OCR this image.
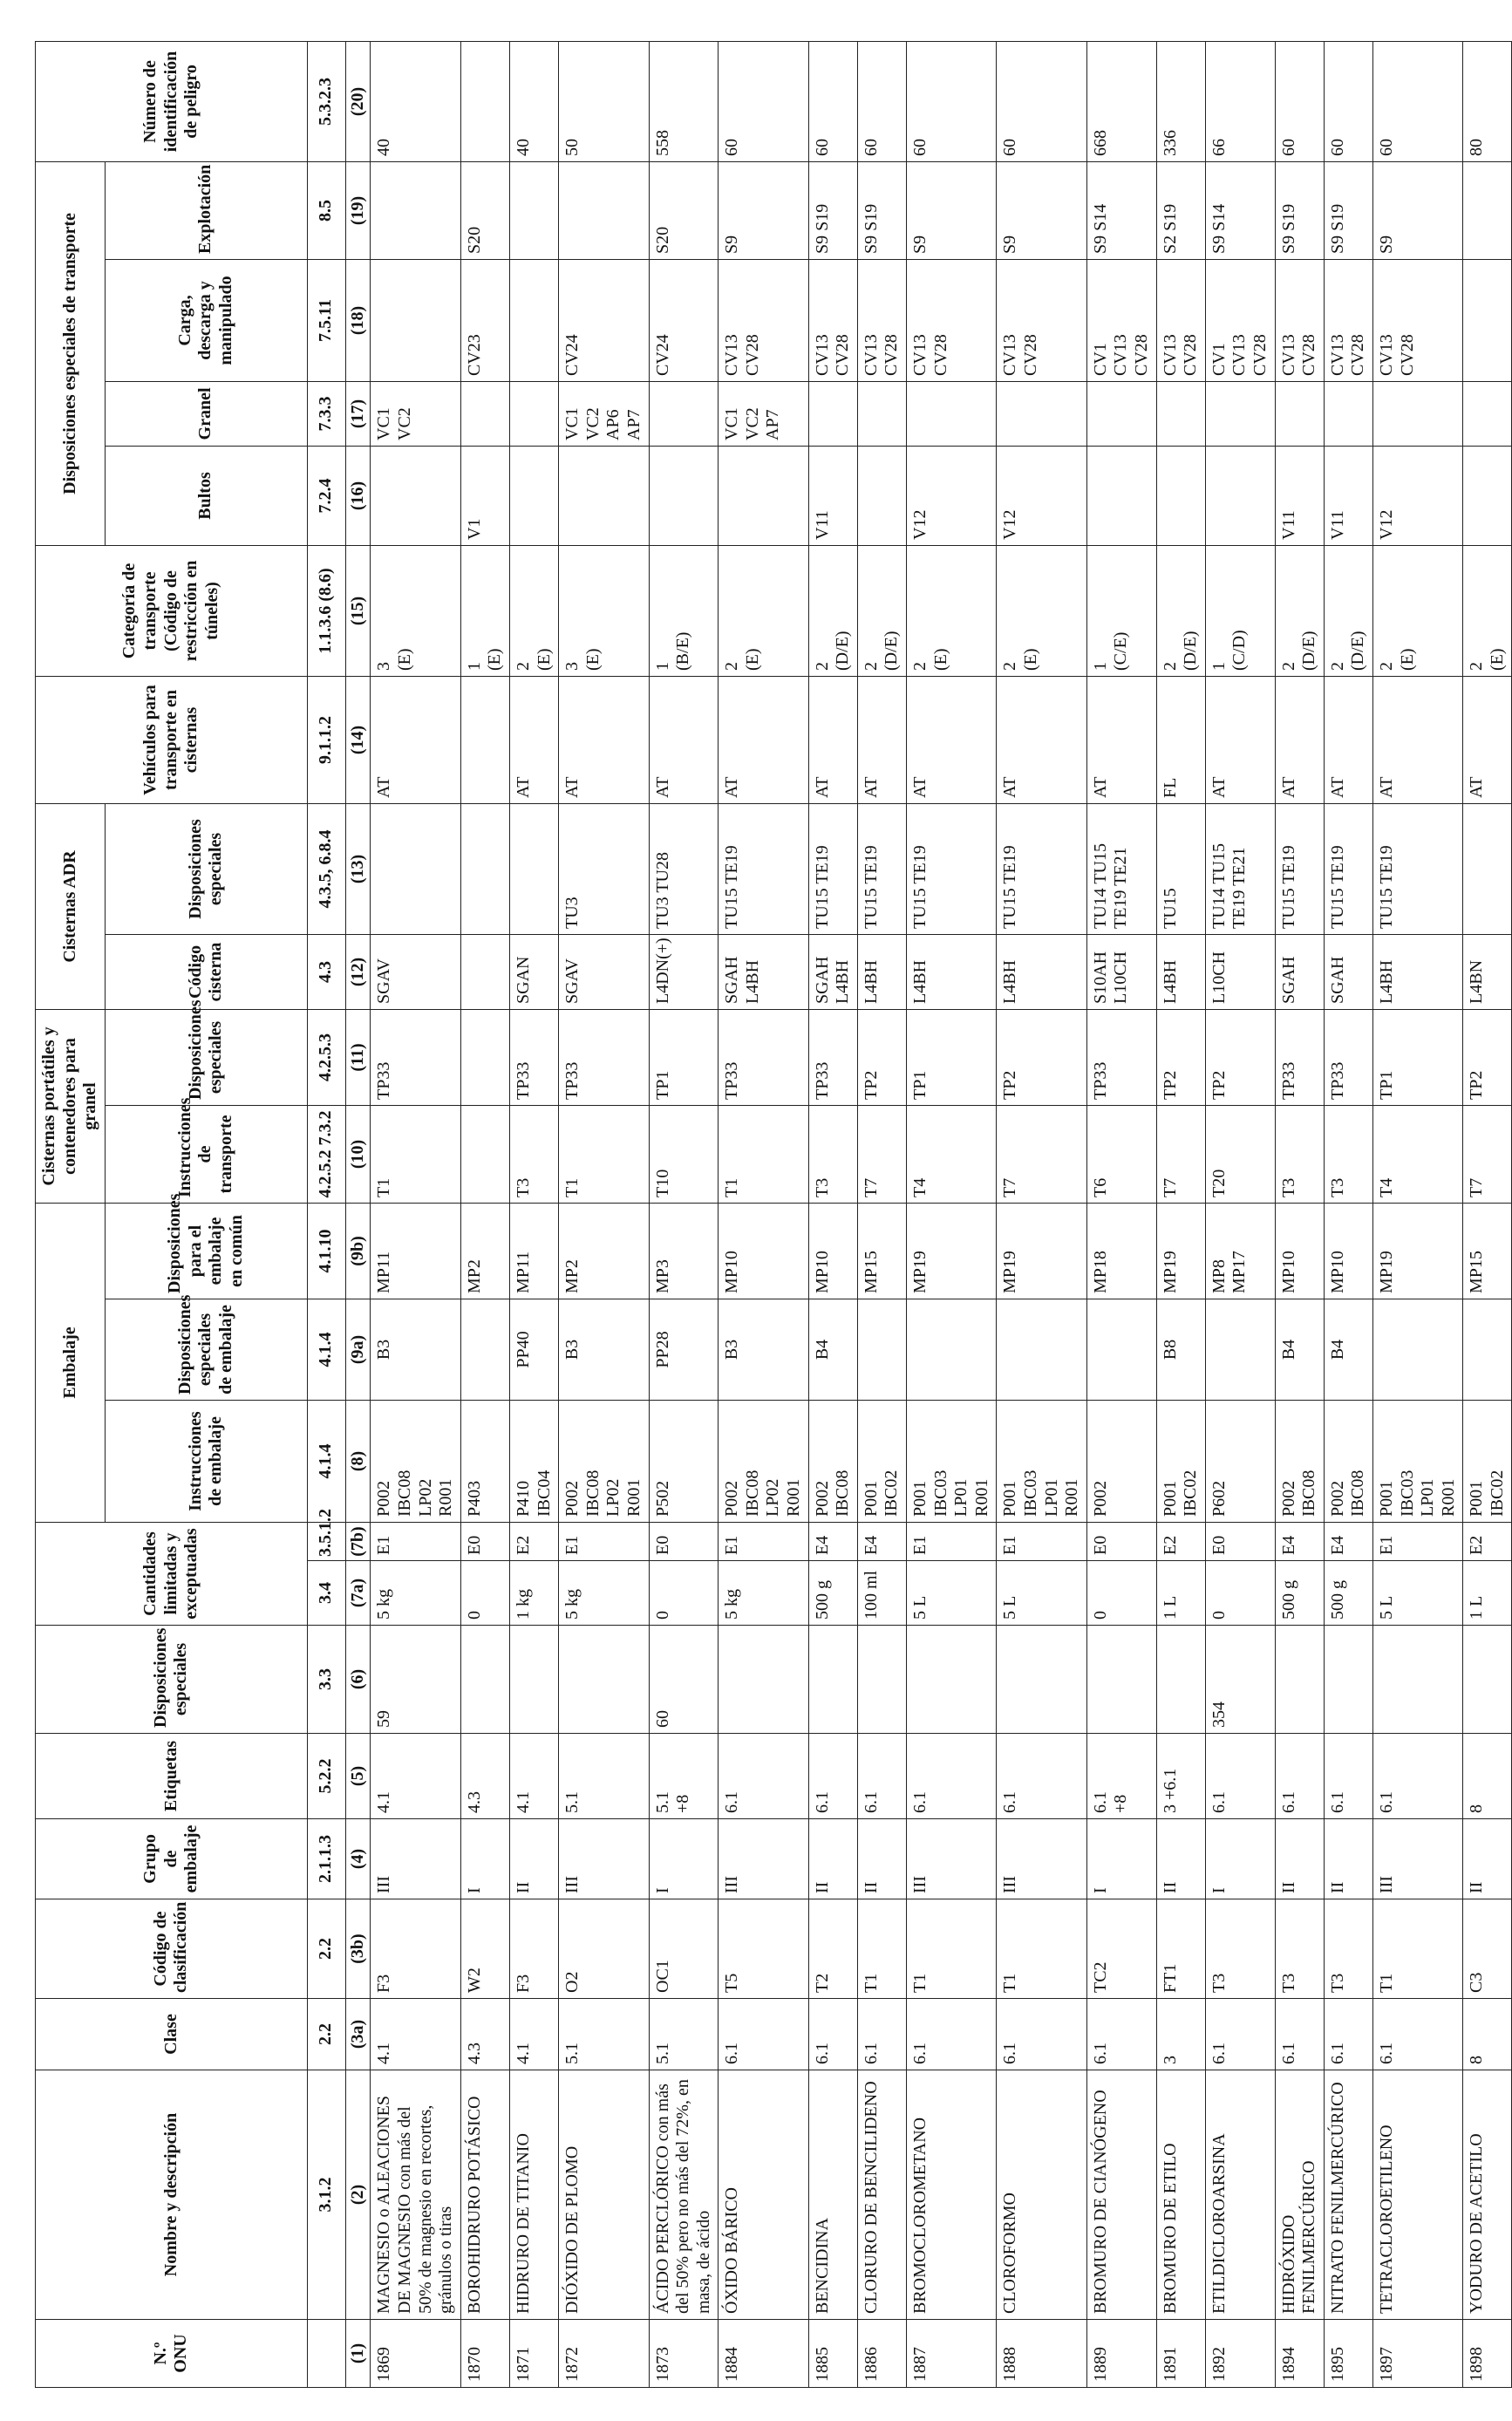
N.º ONU	Nombre y descripción	Clase	Código de clasificación	Grupo de embalaje	Etiquetas	Disposiciones especiales	Cantidades limitadas y exceptuadas		Embalaje			Cisternas portátiles y contenedores para granel		Cisternas ADR		Vehículos para transporte en cisternas	Categoría de transporte (Código de restricción en túneles)	Disposiciones especiales de transporte				Número de identificación de peligro
									Instrucciones de embalaje	Disposiciones especiales de embalaje	Disposiciones para el embalaje en común	Instrucciones de transporte	Disposiciones especiales	Código cisterna	Disposiciones especiales			Bultos	Granel	Carga, descarga y manipulado	Explotación	
	3.1.2	2.2	2.2	2.1.1.3	5.2.2	3.3	3.4	3.5.1.2	4.1.4	4.1.4	4.1.10	4.2.5.2 7.3.2	4.2.5.3	4.3	4.3.5, 6.8.4	9.1.1.2	1.1.3.6 (8.6)	7.2.4	7.3.3	7.5.11	8.5	5.3.2.3
(1)	(2)	(3a)	(3b)	(4)	(5)	(6)	(7a)	(7b)	(8)	(9a)	(9b)	(10)	(11)	(12)	(13)	(14)	(15)	(16)	(17)	(18)	(19)	(20)

1869	MAGNESIO o ALEACIONES DE MAGNESIO con más del 50% de magnesio en recortes, gránulos o tiras	4.1	F3	III	4.1	59	5 kg	E1	P002 IBC08 LP02 R001	B3	MP11	T1	TP33	SGAV		AT	3 (E)		VC1 VC2			40

1870	BOROHIDRURO POTÁSICO	4.3	W2	I	4.3		0	E0	P403		MP2						1 (E)	V1		CV23	S20	

1871	HIDRURO DE TITANIO	4.1	F3	II	4.1		1 kg	E2	P410 IBC04	PP40	MP11	T3	TP33	SGAN		AT	2 (E)					40

1872	DIÓXIDO DE PLOMO	5.1	O2	III	5.1		5 kg	E1	P002 IBC08 LP02 R001	B3	MP2	T1	TP33	SGAV	TU3	AT	3 (E)		VC1 VC2 AP6 AP7	CV24		50

1873	ÁCIDO PERCLÓRICO con más del 50% pero no más del 72%, en masa, de ácido	5.1	OC1	I	5.1 +8	60	0	E0	P502	PP28	MP3	T10	TP1	L4DN(+)	TU3 TU28	AT	1 (B/E)			CV24	S20	558

1884	ÓXIDO BÁRICO	6.1	T5	III	6.1		5 kg	E1	P002 IBC08 LP02 R001	B3	MP10	T1	TP33	SGAH L4BH	TU15 TE19	AT	2 (E)		VC1 VC2 AP7	CV13 CV28	S9	60

1885	BENCIDINA	6.1	T2	II	6.1		500 g	E4	P002 IBC08	B4	MP10	T3	TP33	SGAH L4BH	TU15 TE19	AT	2 (D/E)	V11		CV13 CV28	S9 S19	60

1886	CLORURO DE BENCILIDENO	6.1	T1	II	6.1		100 ml	E4	P001 IBC02		MP15	T7	TP2	L4BH	TU15 TE19	AT	2 (D/E)			CV13 CV28	S9 S19	60

1887	BROMOCLOROMETANO	6.1	T1	III	6.1		5 L	E1	P001 IBC03 LP01 R001		MP19	T4	TP1	L4BH	TU15 TE19	AT	2 (E)	V12		CV13 CV28	S9	60

1888	CLOROFORMO	6.1	T1	III	6.1		5 L	E1	P001 IBC03 LP01 R001		MP19	T7	TP2	L4BH	TU15 TE19	AT	2 (E)	V12		CV13 CV28	S9	60

1889	BROMURO DE CIANÓGENO	6.1	TC2	I	6.1 +8		0	E0	P002		MP18	T6	TP33	S10AH L10CH	TU14 TU15 TE19 TE21	AT	1 (C/E)			CV1 CV13 CV28	S9 S14	668

1891	BROMURO DE ETILO	3	FT1	II	3 +6.1		1 L	E2	P001 IBC02	B8	MP19	T7	TP2	L4BH	TU15	FL	2 (D/E)			CV13 CV28	S2 S19	336

1892	ETILDICLOROARSINA	6.1	T3	I	6.1	354	0	E0	P602		MP8 MP17	T20	TP2	L10CH	TU14 TU15 TE19 TE21	AT	1 (C/D)			CV1 CV13 CV28	S9 S14	66

1894	HIDRÓXIDO FENILMERCÚRICO	6.1	T3	II	6.1		500 g	E4	P002 IBC08	B4	MP10	T3	TP33	SGAH	TU15 TE19	AT	2 (D/E)	V11		CV13 CV28	S9 S19	60

1895	NITRATO FENILMERCÚRICO	6.1	T3	II	6.1		500 g	E4	P002 IBC08	B4	MP10	T3	TP33	SGAH	TU15 TE19	AT	2 (D/E)	V11		CV13 CV28	S9 S19	60

1897	TETRACLOROETILENO	6.1	T1	III	6.1		5 L	E1	P001 IBC03 LP01 R001		MP19	T4	TP1	L4BH	TU15 TE19	AT	2 (E)	V12		CV13 CV28	S9	60

1898	YODURO DE ACETILO	8	C3	II	8		1 L	E2	P001 IBC02		MP15	T7	TP2	L4BN		AT	2 (E)					80
